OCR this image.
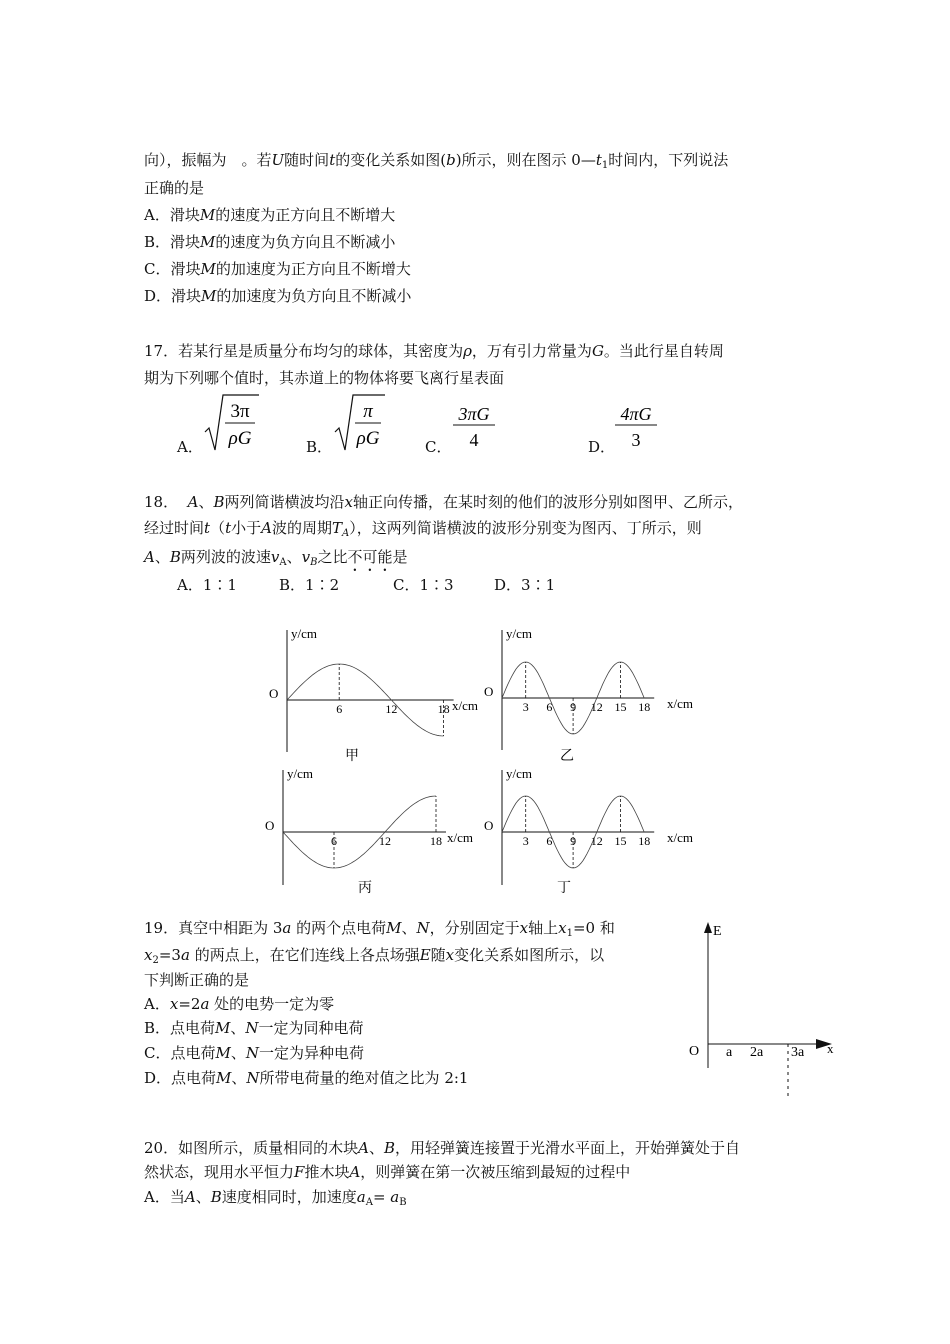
向），振幅为　。若U随时间t的变化关系如图(b)所示，则在图示 $0—t_1$时间内，下列说法
正确的是
A．滑块M的速度为正方向且不断增大
B．滑块M的速度为负方向且不断减小
C．滑块M的加速度为正方向且不断增大
D．滑块M的加速度为负方向且不断减小
17．若某行星是质量分布均匀的球体，其密度为ρ，万有引力常量为G。当此行星自转周
期为下列哪个值时，其赤道上的物体将要飞离行星表面
A．
3π
ρG	B．
π
ρG	C．
3πG
4	D．
4πG
3
18． A、B两列简谐横波均沿x轴正向传播，在某时刻的他们的波形分别如图甲、乙所示，
经过时间t（t小于A波的周期$T_A$），这两列简谐横波的波形分别变为图丙、丁所示，则
A、B两列波的波速$v_A$、$v_B$之比不可能是
A．1∶1	B．1∶2	C．1∶3	D．3∶1
6	12	18
O
y/cm
x/cm
甲
3 6 9 12 15 18
O
y/cm
x/cm
乙
6	12	18
O
y/cm
x/cm
丙
3 6 9 12 15 18
O
y/cm
x/cm
丁
19．真空中相距为 3a 的两个点电荷M、N，分别固定于x轴上$x_1=0$ 和
$x_2=3a$ 的两点上，在它们连线上各点场强E随x变化关系如图所示，以
下判断正确的是
A．x=2a 处的电势一定为零
B．点电荷M、N一定为同种电荷
C．点电荷M、N一定为异种电荷
D．点电荷M、N所带电荷量的绝对值之比为 2:1
E
x
O a 2a 3a
20．如图所示，质量相同的木块A、B，用轻弹簧连接置于光滑水平面上，开始弹簧处于自
然状态，现用水平恒力F推木块A，则弹簧在第一次被压缩到最短的过程中
A．当A、B速度相同时，加速度$a_A= a_B$
